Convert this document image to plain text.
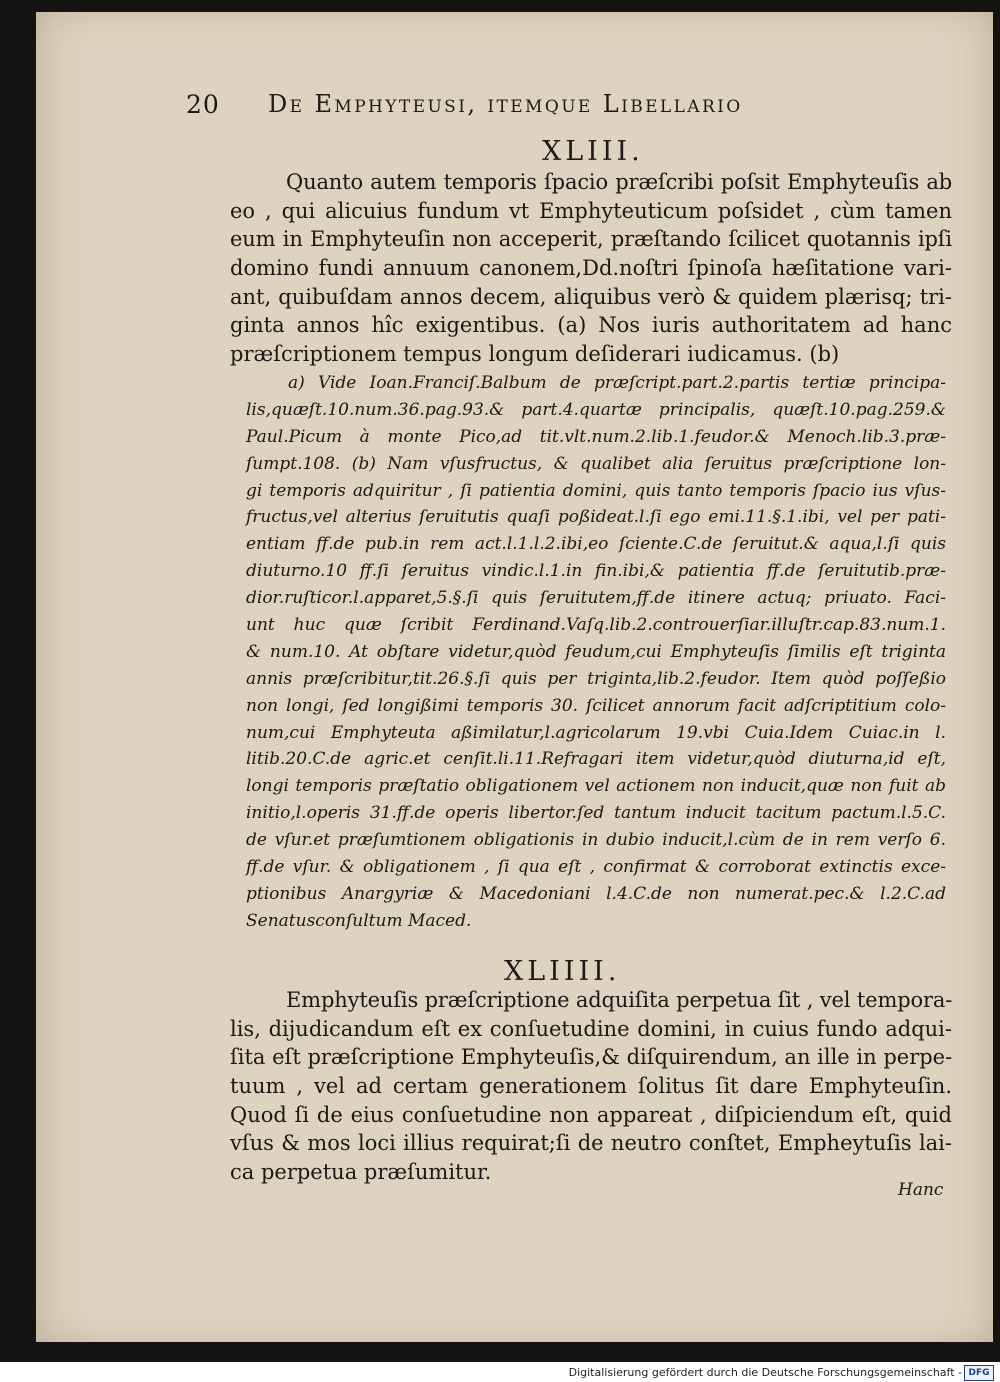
20 De Emphyteusi, itemque Libellario
XLIII.
Quanto autem temporis ſpacio præſcribi poſsit Emphyteuſis ab
eo , qui alicuius fundum vt Emphyteuticum poſsidet , cùm tamen
eum in Emphyteuſin non acceperit, præſtando ſcilicet quotannis ipſi
domino fundi annuum canonem,Dd.noſtri ſpinoſa hæſitatione vari-
ant, quibuſdam annos decem, aliquibus verò & quidem plærisq; tri-
ginta annos hîc exigentibus. (a) Nos iuris authoritatem ad hanc
præſcriptionem tempus longum deſiderari iudicamus. (b)
a) Vide Ioan.Franciſ.Balbum de præſcript.part.2.partis tertiæ principa-
lis,quæſt.10.num.36.pag.93.& part.4.quartæ principalis, quæſt.10.pag.259.&
Paul.Picum à monte Pico,ad tit.vlt.num.2.lib.1.feudor.& Menoch.lib.3.præ-
ſumpt.108. (b) Nam vſusfructus, & qualibet alia ſeruitus præſcriptione lon-
gi temporis adquiritur , ſi patientia domini, quis tanto temporis ſpacio ius vſus-
fructus,vel alterius ſeruitutis quaſi poßideat.l.ſi ego emi.11.§.1.ibi, vel per pati-
entiam ff.de pub.in rem act.l.1.l.2.ibi,eo ſciente.C.de ſeruitut.& aqua,l.ſi quis
diuturno.10 ff.ſi ſeruitus vindic.l.1.in fin.ibi,& patientia ff.de ſeruitutib.præ-
dior.ruſticor.l.apparet,5.§.ſi quis ſeruitutem,ff.de itinere actuq; priuato. Faci-
unt huc quæ ſcribit Ferdinand.Vaſq.lib.2.controuerſiar.illuſtr.cap.83.num.1.
& num.10. At obſtare videtur,quòd feudum,cui Emphyteuſis ſimilis eſt triginta
annis præſcribitur,tit.26.§.ſi quis per triginta,lib.2.feudor. Item quòd poſſeßio
non longi, ſed longißimi temporis 30. ſcilicet annorum facit adſcriptitium colo-
num,cui Emphyteuta aßimilatur,l.agricolarum 19.vbi Cuia.Idem Cuiac.in l.
litib.20.C.de agric.et cenſit.li.11.Refragari item videtur,quòd diuturna,id eſt,
longi temporis præſtatio obligationem vel actionem non inducit,quæ non fuit ab
initio,l.operis 31.ff.de operis libertor.ſed tantum inducit tacitum pactum.l.5.C.
de vſur.et præſumtionem obligationis in dubio inducit,l.cùm de in rem verſo 6.
ff.de vſur. & obligationem , ſi qua eſt , confirmat & corroborat extinctis exce-
ptionibus Anargyriæ & Macedoniani l.4.C.de non numerat.pec.& l.2.C.ad
Senatusconſultum Maced.
XLIIII.
Emphyteuſis præſcriptione adquiſita perpetua ſit , vel tempora-
lis, dijudicandum eſt ex conſuetudine domini, in cuius fundo adqui-
ſita eſt præſcriptione Emphyteuſis,& diſquirendum, an ille in perpe-
tuum , vel ad certam generationem ſolitus ſit dare Emphyteuſin.
Quod ſi de eius conſuetudine non appareat , diſpiciendum eſt, quid
vſus & mos loci illius requirat;ſi de neutro conſtet, Empheytuſis lai-
ca perpetua præſumitur.
Hanc
Digitalisierung gefördert durch die Deutsche Forschungsgemeinschaft - DFG
